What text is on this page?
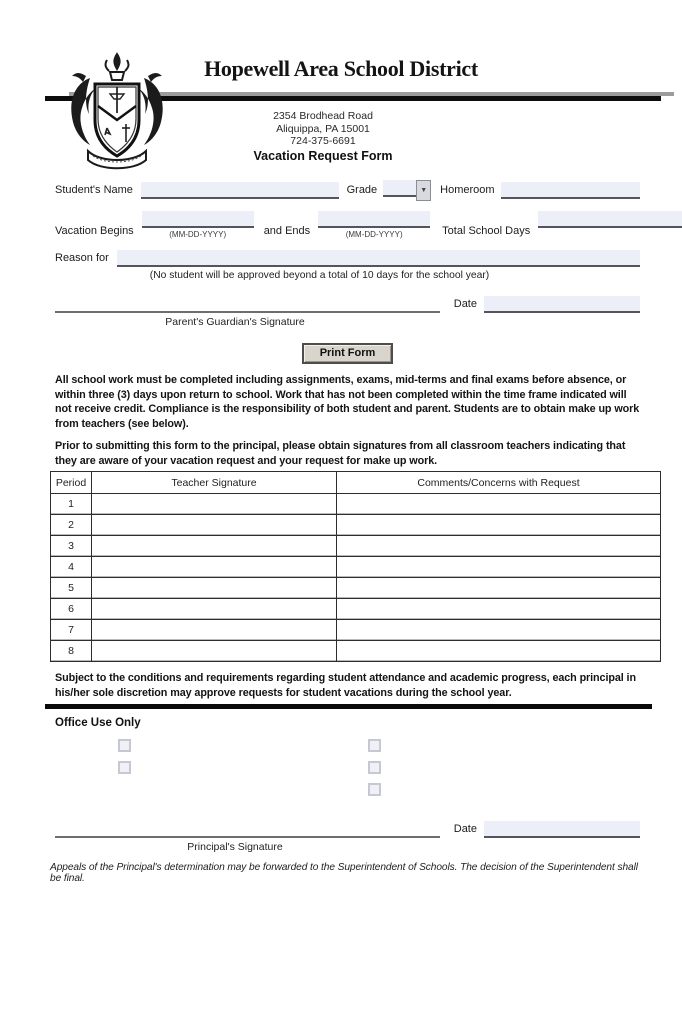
Hopewell Area School District
2354 Brodhead Road
Aliquippa, PA 15001
724-375-6691
Vacation Request Form
Student's Name	Grade	▼	Homeroom
Vacation Begins	(MM-DD-YYYY)	and Ends	(MM-DD-YYYY)	Total School Days
Reason for
(No student will be approved beyond a total of 10 days for the school year)
Date
Parent's Guardian's Signature
Print Form
All school work must be completed including assignments, exams, mid-terms and final exams before absence, or within three (3) days upon return to school. Work that has not been completed within the time frame indicated will not receive credit. Compliance is the responsibility of both student and parent. Students are to obtain make up work from teachers (see below).
Prior to submitting this form to the principal, please obtain signatures from all classroom teachers indicating that they are aware of your vacation request and your request for make up work.
Period	Teacher Signature	Comments/Concerns with Request
1		
2		
3		
4		
5		
6		
7		
8		
Subject to the conditions and requirements regarding student attendance and academic progress, each principal in his/her sole discretion may approve requests for student vacations during the school year.
Office Use Only
Date
Principal's Signature
Appeals of the Principal's determination may be forwarded to the Superintendent of Schools. The decision of the Superintendent shall be final.
